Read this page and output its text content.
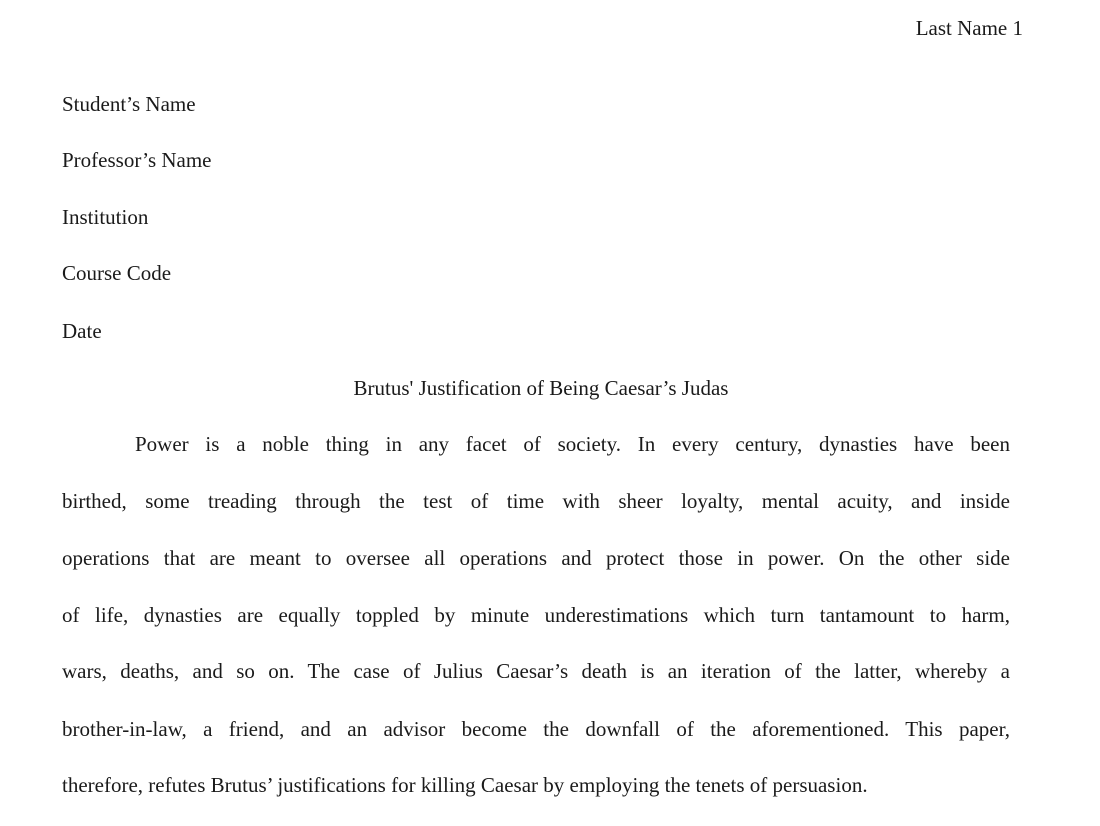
Last Name 1
Student’s Name
Professor’s Name
Institution
Course Code
Date
Brutus' Justification of Being Caesar’s Judas
Power is a noble thing in any facet of society. In every century, dynasties have been
birthed, some treading through the test of time with sheer loyalty, mental acuity, and inside
operations that are meant to oversee all operations and protect those in power. On the other side
of life, dynasties are equally toppled by minute underestimations which turn tantamount to harm,
wars, deaths, and so on. The case of Julius Caesar’s death is an iteration of the latter, whereby a
brother-in-law, a friend, and an advisor become the downfall of the aforementioned. This paper,
therefore, refutes Brutus’ justifications for killing Caesar by employing the tenets of persuasion.
